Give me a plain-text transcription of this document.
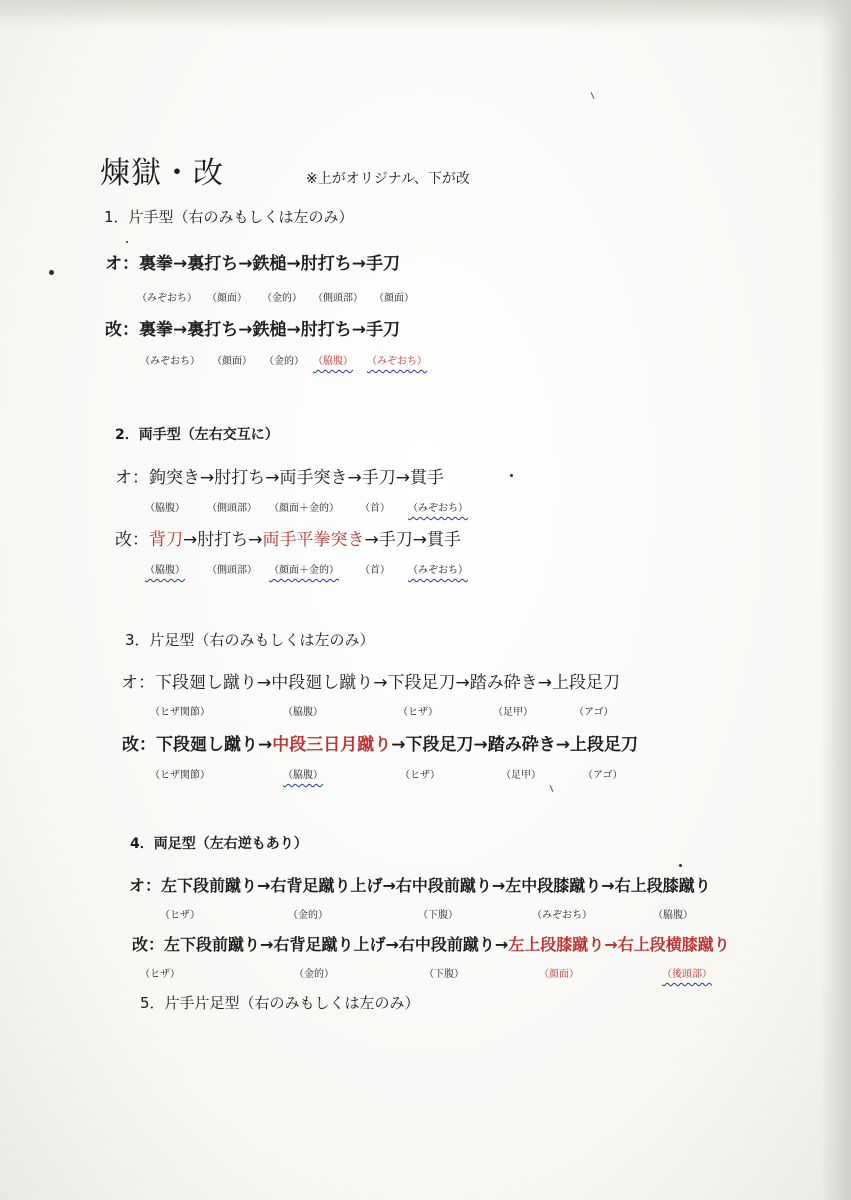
煉獄・改	※上がオリジナル、下が改
1．片手型（右のみもしくは左のみ）
オ：裏拳→裏打ち→鉄槌→肘打ち→手刀
（みぞおち） （顔面） （金的） （側頭部） （顔面）
改：裏拳→裏打ち→鉄槌→肘打ち→手刀
（みぞおち） （顔面） （金的） （脇腹） （みぞおち）
2．両手型（左右交互に）
オ：鉤突き→肘打ち→両手突き→手刀→貫手
（脇腹） （側頭部） （顔面＋金的） （首） （みぞおち）
改：背刀→肘打ち→両手平拳突き→手刀→貫手
（脇腹） （側頭部） （顔面＋金的） （首） （みぞおち）
3．片足型（右のみもしくは左のみ）
オ：下段廻し蹴り→中段廻し蹴り→下段足刀→踏み砕き→上段足刀
（ヒザ関節）	（脇腹）	（ヒザ）	（足甲）	（アゴ）
改：下段廻し蹴り→中段三日月蹴り→下段足刀→踏み砕き→上段足刀
（ヒザ関節）	（脇腹）	（ヒザ）	（足甲）	（アゴ）
4．両足型（左右逆もあり）
オ：左下段前蹴り→右背足蹴り上げ→右中段前蹴り→左中段膝蹴り→右上段膝蹴り
（ヒザ）	（金的）	（下腹）	（みぞおち）	（脇腹）
改：左下段前蹴り→右背足蹴り上げ→右中段前蹴り→左上段膝蹴り→右上段横膝蹴り
（ヒザ）	（金的）	（下腹）	（顔面）	（後頭部）
5．片手片足型（右のみもしくは左のみ）
